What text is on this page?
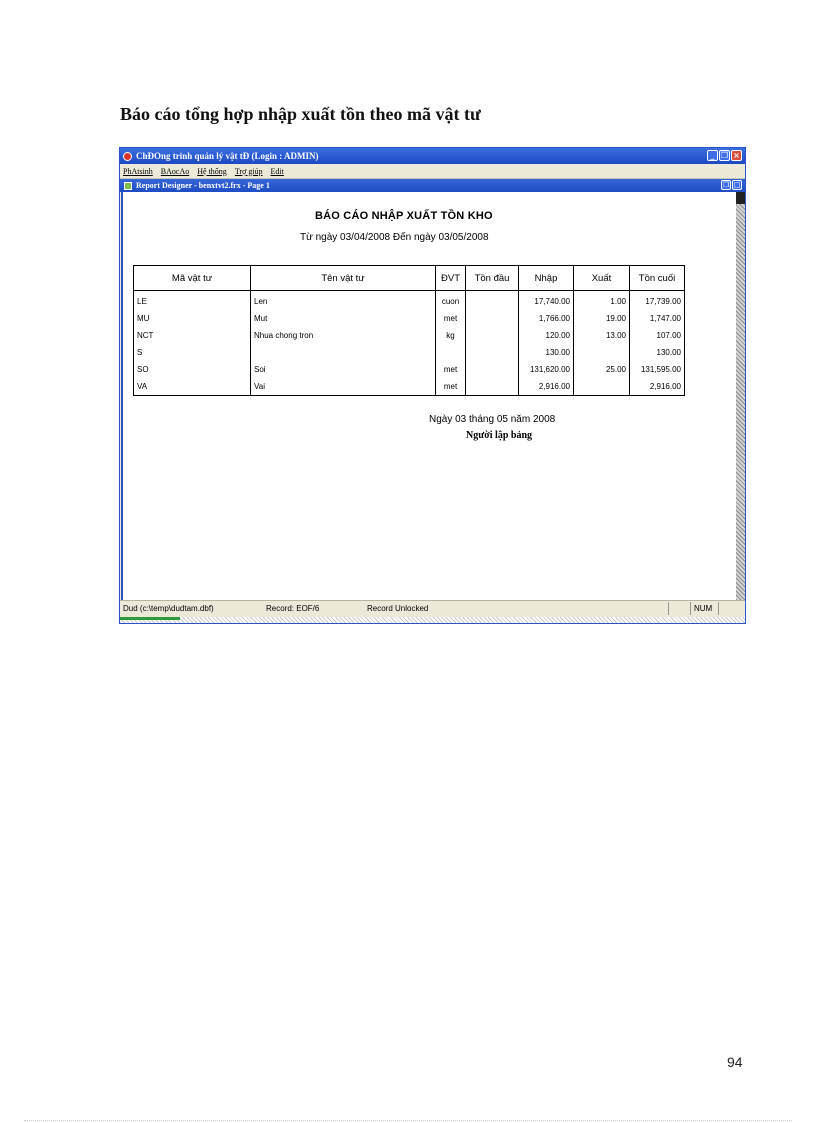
Báo cáo tổng hợp nhập xuất tồn theo mã vật tư
ChĐOng trinh quản lý vật tĐ (Login : ADMIN)	_ ❐ ×
PhAtsinh BAocAo Hệ thống Trợ giúp Edit
Report Designer - benxtvt2.frx - Page 1	❐ □
BÁO CÁO NHẬP XUẤT TỒN KHO
Từ ngày 03/04/2008 Đến ngày 03/05/2008
Mã vật tư	Tên vật tư	ĐVT	Tồn đầu	Nhập	Xuất	Tồn cuối
LE	Len	cuon		17,740.00	1.00	17,739.00
MU	Mut	met		1,766.00	19.00	1,747.00
NCT	Nhua chong tron	kg		120.00	13.00	107.00
S				130.00		130.00
SO	Soi	met		131,620.00	25.00	131,595.00
VA	Vai	met		2,916.00		2,916.00
Ngày 03 tháng 05 năm 2008
Người lập bảng
Dud (c:\temp\dudtam.dbf)	Record: EOF/6	Record Unlocked	NUM
94
